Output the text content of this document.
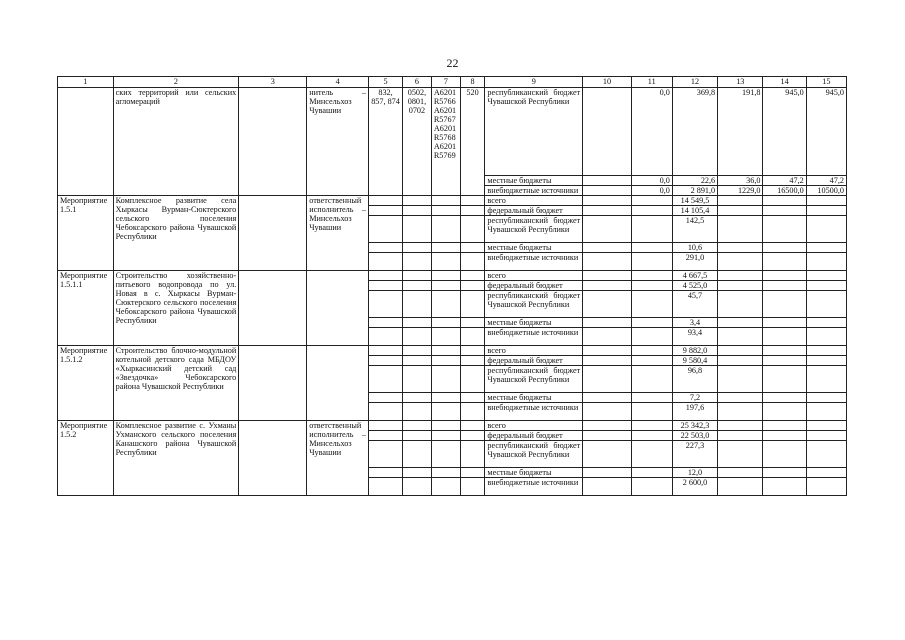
22
1	2	3	4	5	6	7	8	9	10	11	12	13	14	15
	ских территорий или сельских агломераций		нитель – Минсельхоз Чувашии	832, 857, 874	0502, 0801, 0702	A6201 R5766 A6201 R5767 A6201 R5768 A6201 R5769	520	республиканский бюджет Чувашской Республики		0,0	369,8	191,8	945,0	945,0
								местные бюджеты		0,0	22,6	36,0	47,2	47,2
								внебюджетные источники		0,0	2 891,0	1229,0	16500,0	10500,0
Мероприятие 1.5.1	Комплексное развитие села Хыркасы Вурман-Сюктерского сельского поселения Чебоксарского района Чувашской Республики		ответственный исполнитель – Минсельхоз Чувашии					всего			14 549,5			
								федеральный бюджет			14 105,4			
								республиканский бюджет Чувашской Республики			142,5			
								местные бюджеты			10,6			
								внебюджетные источники			291,0			
Мероприятие 1.5.1.1	Строительство хозяйственно-питьевого водопровода по ул. Новая в с. Хыркасы Вурман-Сюктерского сельского поселения Чебоксарского района Чувашской Республики							всего			4 667,5			
								федеральный бюджет			4 525,0			
								республиканский бюджет Чувашской Республики			45,7			
								местные бюджеты			3,4			
								внебюджетные источники			93,4			
Мероприятие 1.5.1.2	Строительство блочно-модульной котельной детского сада МБДОУ «Хыркасинский детский сад «Звездочка» Чебоксарского района Чувашской Республики							всего			9 882,0			
								федеральный бюджет			9 580,4			
								республиканский бюджет Чувашской Республики			96,8			
								местные бюджеты			7,2			
								внебюджетные источники			197,6			
Мероприятие 1.5.2	Комплексное развитие с. Ухманы Ухманского сельского поселения Канашского района Чувашской Республики		ответственный исполнитель – Минсельхоз Чувашии					всего			25 342,3			
								федеральный бюджет			22 503,0			
								республиканский бюджет Чувашской Республики			227,3			
								местные бюджеты			12,0			
								внебюджетные источники			2 600,0			
